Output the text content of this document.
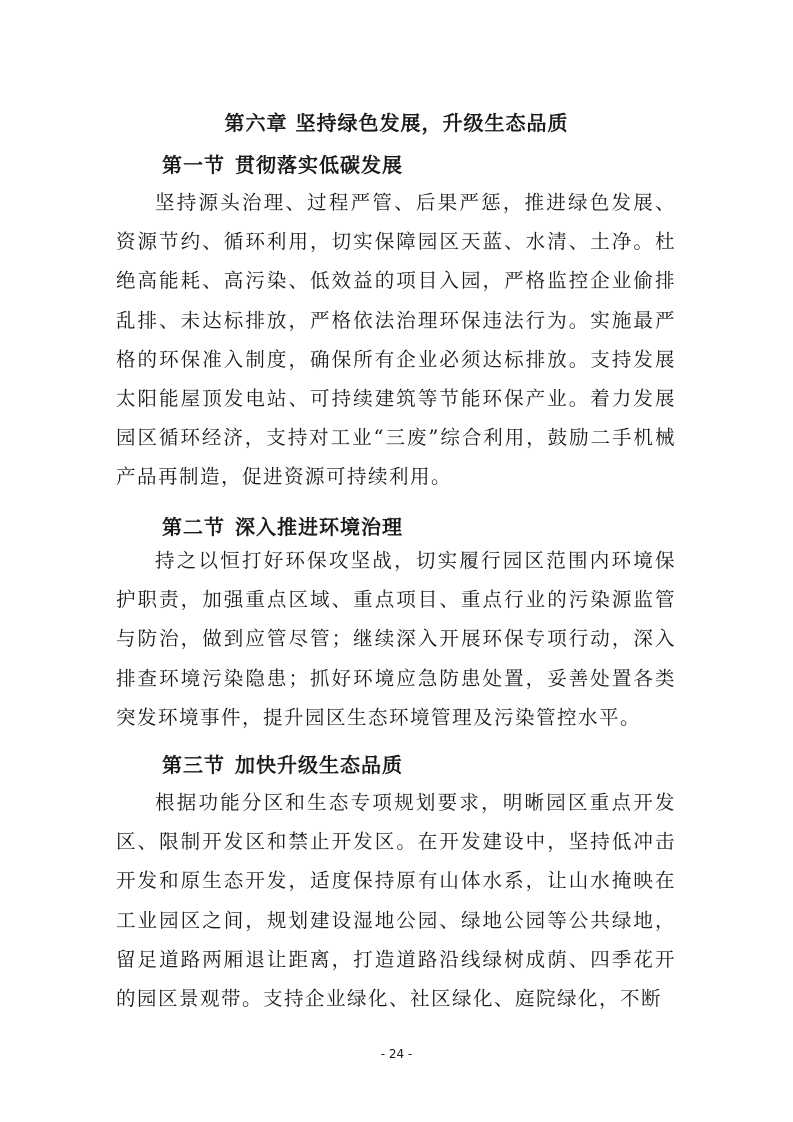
第六章 坚持绿色发展，升级生态品质
第一节 贯彻落实低碳发展

坚持源头治理、过程严管、后果严惩，推进绿色发展、资源节约、循环利用，切实保障园区天蓝、水清、土净。杜绝高能耗、高污染、低效益的项目入园，严格监控企业偷排乱排、未达标排放，严格依法治理环保违法行为。实施最严格的环保准入制度，确保所有企业必须达标排放。支持发展太阳能屋顶发电站、可持续建筑等节能环保产业。着力发展园区循环经济，支持对工业“三废”综合利用，鼓励二手机械产品再制造，促进资源可持续利用。

第二节 深入推进环境治理

持之以恒打好环保攻坚战，切实履行园区范围内环境保护职责，加强重点区域、重点项目、重点行业的污染源监管与防治，做到应管尽管；继续深入开展环保专项行动，深入排查环境污染隐患；抓好环境应急防患处置，妥善处置各类突发环境事件，提升园区生态环境管理及污染管控水平。

第三节 加快升级生态品质

根据功能分区和生态专项规划要求，明晰园区重点开发区、限制开发区和禁止开发区。在开发建设中，坚持低冲击开发和原生态开发，适度保持原有山体水系，让山水掩映在工业园区之间，规划建设湿地公园、绿地公园等公共绿地，留足道路两厢退让距离，打造道路沿线绿树成荫、四季花开的园区景观带。支持企业绿化、社区绿化、庭院绿化，不断

- 24 -
